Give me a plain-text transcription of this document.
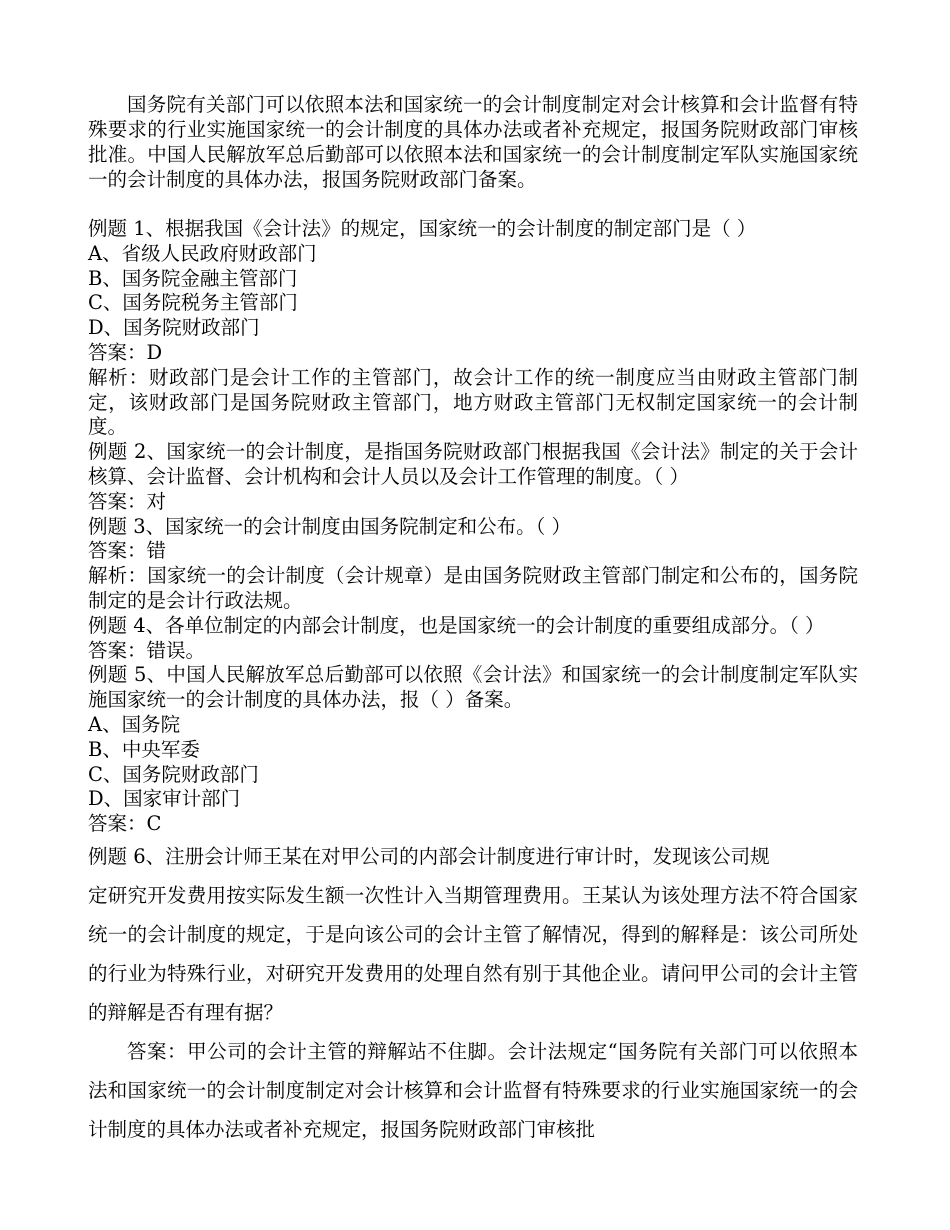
国务院有关部门可以依照本法和国家统一的会计制度制定对会计核算和会计监督有特殊要求的行业实施国家统一的会计制度的具体办法或者补充规定，报国务院财政部门审核批准。中国人民解放军总后勤部可以依照本法和国家统一的会计制度制定军队实施国家统一的会计制度的具体办法，报国务院财政部门备案。

例题 1、根据我国《会计法》的规定，国家统一的会计制度的制定部门是（ ）

A、省级人民政府财政部门

B、国务院金融主管部门

C、国务院税务主管部门

D、国务院财政部门

答案：D

解析：财政部门是会计工作的主管部门，故会计工作的统一制度应当由财政主管部门制定，该财政部门是国务院财政主管部门，地方财政主管部门无权制定国家统一的会计制度。

例题 2、国家统一的会计制度，是指国务院财政部门根据我国《会计法》制定的关于会计核算、会计监督、会计机构和会计人员以及会计工作管理的制度。（ ）

答案：对

例题 3、国家统一的会计制度由国务院制定和公布。（ ）

答案：错

解析：国家统一的会计制度（会计规章）是由国务院财政主管部门制定和公布的，国务院制定的是会计行政法规。

例题 4、各单位制定的内部会计制度，也是国家统一的会计制度的重要组成部分。（ ）

答案：错误。

例题 5、中国人民解放军总后勤部可以依照《会计法》和国家统一的会计制度制定军队实施国家统一的会计制度的具体办法，报（ ）备案。

A、国务院

B、中央军委

C、国务院财政部门

D、国家审计部门

答案：C

例题 6、注册会计师王某在对甲公司的内部会计制度进行审计时，发现该公司规

定研究开发费用按实际发生额一次性计入当期管理费用。王某认为该处理方法不符合国家统一的会计制度的规定，于是向该公司的会计主管了解情况，得到的解释是：该公司所处的行业为特殊行业，对研究开发费用的处理自然有别于其他企业。请问甲公司的会计主管的辩解是否有理有据？

答案：甲公司的会计主管的辩解站不住脚。会计法规定“国务院有关部门可以依照本法和国家统一的会计制度制定对会计核算和会计监督有特殊要求的行业实施国家统一的会计制度的具体办法或者补充规定，报国务院财政部门审核批
